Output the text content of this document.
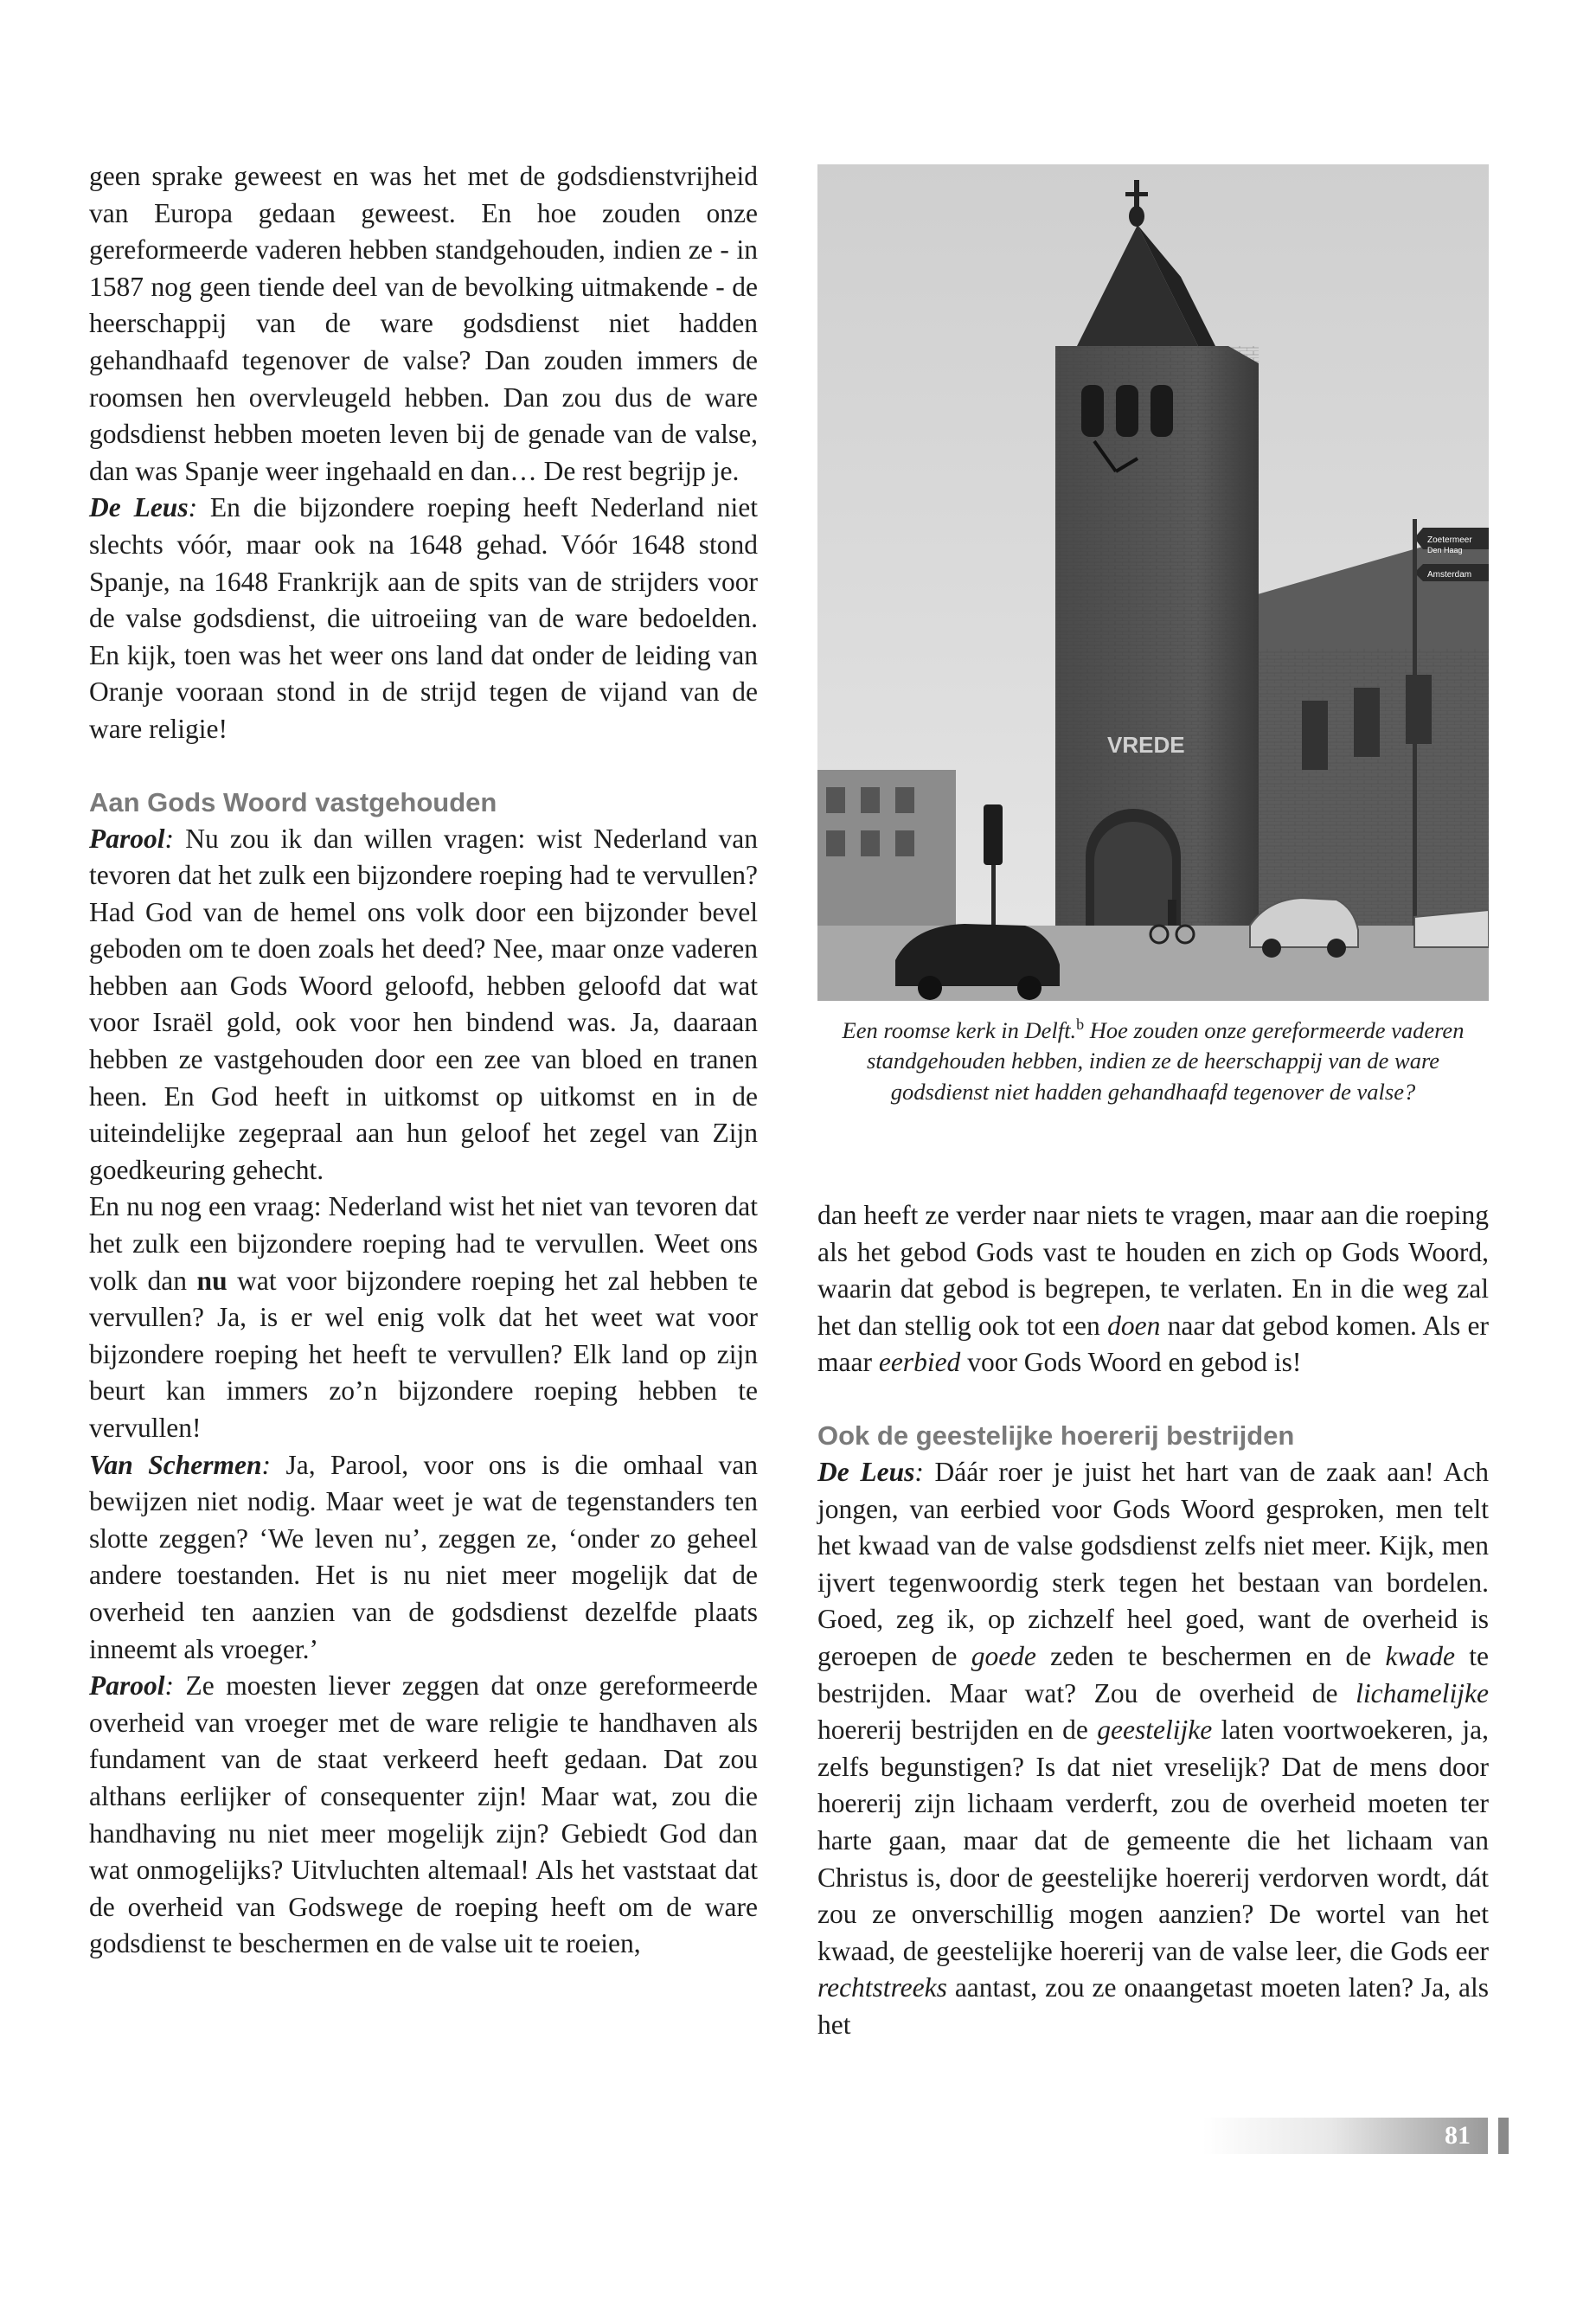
geen sprake geweest en was het met de godsdienstvrijheid van Europa gedaan geweest. En hoe zouden onze gereformeerde vaderen hebben standgehouden, indien ze - in 1587 nog geen tiende deel van de bevolking uitmakende - de heerschappij van de ware godsdienst niet hadden gehandhaafd tegenover de valse? Dan zouden immers de roomsen hen overvleugeld hebben. Dan zou dus de ware godsdienst hebben moeten leven bij de genade van de valse, dan was Spanje weer ingehaald en dan… De rest begrijp je.

De Leus: En die bijzondere roeping heeft Nederland niet slechts vóór, maar ook na 1648 gehad. Vóór 1648 stond Spanje, na 1648 Frankrijk aan de spits van de strijders voor de valse godsdienst, die uitroeiing van de ware bedoelden. En kijk, toen was het weer ons land dat onder de leiding van Oranje vooraan stond in de strijd tegen de vijand van de ware religie!

Aan Gods Woord vastgehouden

Parool: Nu zou ik dan willen vragen: wist Nederland van tevoren dat het zulk een bijzondere roeping had te vervullen? Had God van de hemel ons volk door een bijzonder bevel geboden om te doen zoals het deed? Nee, maar onze vaderen hebben aan Gods Woord geloofd, hebben geloofd dat wat voor Israël gold, ook voor hen bindend was. Ja, daaraan hebben ze vastgehouden door een zee van bloed en tranen heen. En God heeft in uitkomst op uitkomst en in de uiteindelijke zegepraal aan hun geloof het zegel van Zijn goedkeuring gehecht.

En nu nog een vraag: Nederland wist het niet van tevoren dat het zulk een bijzondere roeping had te vervullen. Weet ons volk dan nu wat voor bijzondere roeping het zal hebben te vervullen? Ja, is er wel enig volk dat het weet wat voor bijzondere roeping het heeft te vervullen? Elk land op zijn beurt kan immers zo’n bijzondere roeping hebben te vervullen!

Van Schermen: Ja, Parool, voor ons is die omhaal van bewijzen niet nodig. Maar weet je wat de tegenstanders ten slotte zeggen? ‘We leven nu’, zeggen ze, ‘onder zo geheel andere toestanden. Het is nu niet meer mogelijk dat de overheid ten aanzien van de godsdienst dezelfde plaats inneemt als vroeger.’

Parool: Ze moesten liever zeggen dat onze gereformeerde overheid van vroeger met de ware religie te handhaven als fundament van de staat verkeerd heeft gedaan. Dat zou althans eerlijker of consequenter zijn! Maar wat, zou die handhaving nu niet meer mogelijk zijn? Gebiedt God dan wat onmogelijks? Uitvluchten altemaal! Als het vaststaat dat de overheid van Godswege de roeping heeft om de ware godsdienst te beschermen en de valse uit te roeien,

VREDE
Zoetermeer
Den Haag
Amsterdam
Een roomse kerk in Delft.$^b$ Hoe zouden onze gereformeerde vaderen standgehouden hebben, indien ze de heerschappij van de ware godsdienst niet hadden gehandhaafd tegenover de valse?

dan heeft ze verder naar niets te vragen, maar aan die roeping als het gebod Gods vast te houden en zich op Gods Woord, waarin dat gebod is begrepen, te verlaten. En in die weg zal het dan stellig ook tot een doen naar dat gebod komen. Als er maar eerbied voor Gods Woord en gebod is!

Ook de geestelijke hoererij bestrijden

De Leus: Dáár roer je juist het hart van de zaak aan! Ach jongen, van eerbied voor Gods Woord gesproken, men telt het kwaad van de valse godsdienst zelfs niet meer. Kijk, men ijvert tegenwoordig sterk tegen het bestaan van bordelen. Goed, zeg ik, op zichzelf heel goed, want de overheid is geroepen de goede zeden te beschermen en de kwade te bestrijden. Maar wat? Zou de overheid de lichamelijke hoererij bestrijden en de geestelijke laten voortwoekeren, ja, zelfs begunstigen? Is dat niet vreselijk? Dat de mens door hoererij zijn lichaam verderft, zou de overheid moeten ter harte gaan, maar dat de gemeente die het lichaam van Christus is, door de geestelijke hoererij verdorven wordt, dát zou ze onverschillig mogen aanzien? De wortel van het kwaad, de geestelijke hoererij van de valse leer, die Gods eer rechtstreeks aantast, zou ze onaangetast moeten laten? Ja, als het

81
